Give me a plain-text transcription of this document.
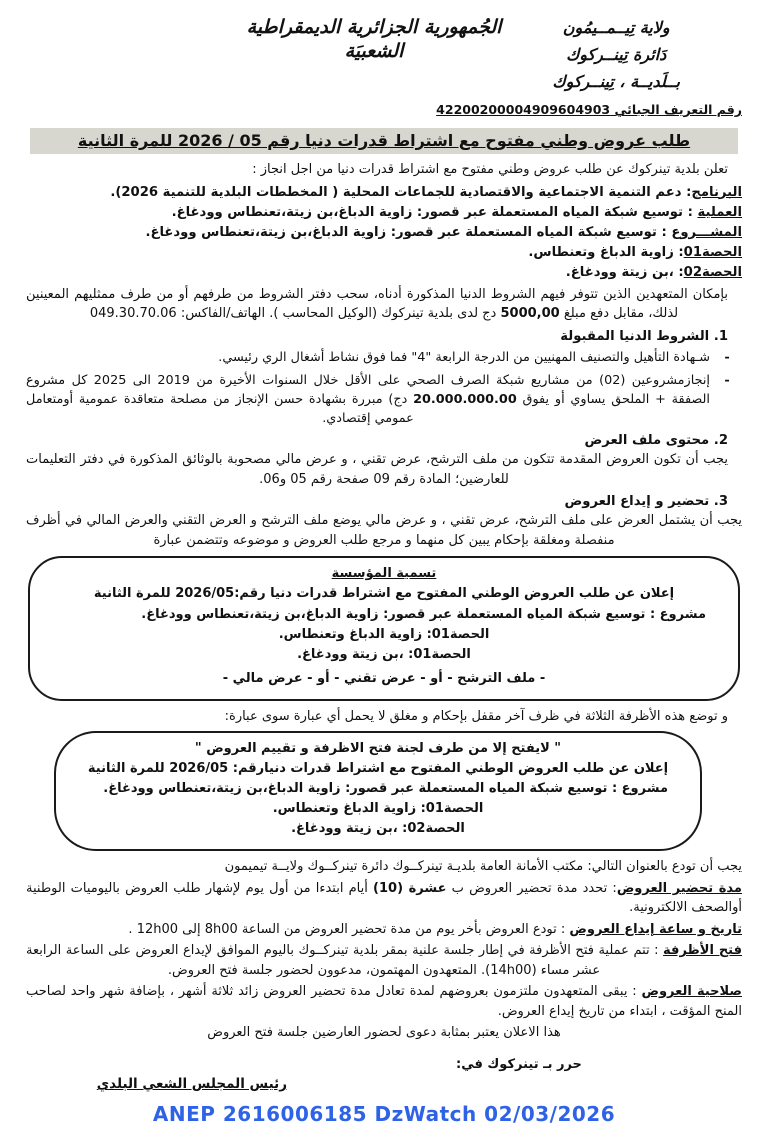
الجُمهورية الجزائرية الديمقراطية الشعبيَة
ولاية تِيــمــيمُون
دَائرة تِينــركوك
بــلَديــة ، تِينــركوك
رقم التعريف الجبائي 42200200004909604903
طلب عروض وطني مفتوح مع اشتراط قدرات دنيا رقم 05 / 2026 للمرة الثانية
تعلن بلدية تينركوك عن طلب عروض وطني مفتوح مع اشتراط قدرات دنيا من اجل انجاز :
البرنامج: دعم التنمية الاجتماعية والاقتصادية للجماعات المحلية ( المخططات البلدية للتنمية 2026).
العملية : توسيع شبكة المياه المستعملة عبر قصور: زاوية الدباغ،بن زيتة،تعنطاس وودغاغ.
المشـــروع : توسيع شبكة المياه المستعملة عبر قصور: زاوية الدباغ،بن زيتة،تعنطاس وودغاغ.
الحصة01: زاوية الدباغ وتعنطاس.
الحصة02: ،بن زيتة وودغاغ.
بإمكان المتعهدين الذين تتوفر فيهم الشروط الدنيا المذكورة أدناه، سحب دفتر الشروط من طرفهم أو من طرف ممثليهم المعينين لذلك، مقابل دفع مبلغ 5000,00 دج لدى بلدية تينركوك (الوكيل المحاسب ). الهاتف/الفاكس: 049.30.70.06
1. الشروط الدنيا المقبولة
-
شـهادة التأهيل والتصنيف المهنيين من الدرجة الرابعة "4" فما فوق نشاط أشغال الري رئيسي.
-
إنجازمشروعين (02) من مشاريع شبكة الصرف الصحي على الأقل خلال السنوات الأخيرة من 2019 الى 2025 كل مشروع الصفقة + الملحق يساوي أو يفوق 20.000.000.00 دج) مبررة بشهادة حسن الإنجاز من مصلحة متعاقدة عمومية أومتعامل عمومي إقتصادي.
2. محتوى ملف العرض
يجب أن تكون العروض المقدمة تتكون من ملف الترشح، عرض تقني ، و عرض مالي مصحوبة بالوثائق المذكورة في دفتر التعليمات للعارضين؛ المادة رقم 09 صفحة رقم 05 و06.
3. تحضير و إيداع العروض
يجب أن يشتمل العرض على ملف الترشح، عرض تقني ، و عرض مالي يوضع ملف الترشح و العرض التقني والعرض المالي في أظرف منفصلة ومغلقة بإحكام يبين كل منهما و مرجع طلب العروض و موضوعه وتتضمن عبارة
تسمية المؤسسة
إعلان عن طلب العروض الوطني المفتوح مع اشتراط قدرات دنيا رقم:2026/05 للمرة الثانية
مشروع : توسيع شبكة المياه المستعملة عبر قصور: زاوية الدباغ،بن زيتة،تعنطاس وودغاغ.
الحصة01: زاوية الدباغ وتعنطاس.
الحصة01: ،بن زيتة وودغاغ.
- ملف الترشح - أو - عرض تقني - أو - عرض مالي -
و توضع هذه الأظرفة الثلاثة في ظرف آخر مقفل بإحكام و مغلق لا يحمل أي عبارة سوى عبارة:
" لايفتح إلا من طرف لجنة فتح الاظرفة و تقييم العروض "
إعلان عن طلب العروض الوطني المفتوح مع اشتراط قدرات دنيارقم: 2026/05 للمرة الثانية
مشروع : توسيع شبكة المياه المستعملة عبر قصور: زاوية الدباغ،بن زيتة،تعنطاس وودغاغ.
الحصة01: زاوية الدباغ وتعنطاس.
الحصة02: ،بن زيتة وودغاغ.
يجب أن تودع بالعنوان التالي: مكتب الأمانة العامة بلديـة تينركــوك دائرة تينركــوك ولايــة تيميمون
مدة تحضير العروض: تحدد مدة تحضير العروض ب عشرة (10) أيام ابتدءا من أول يوم لإشهار طلب العروض باليوميات الوطنية أوالصحف الالكترونية.
تاريخ و ساعة إيداع العروض : تودع العروض بأخر يوم من مدة تحضير العروض من الساعة 8h00 إلى 12h00 .
فتح الأظرفة : تتم عملية فتح الأظرفة في إطار جلسة علنية بمقر بلدية تينركــوك باليوم الموافق لإيداع العروض على الساعة الرابعة عشر مساء (14h00). المتعهدون المهتمون، مدعوون لحضور جلسة فتح العروض.
صلاحية العروض : يبقى المتعهدون ملتزمون بعروضهم لمدة تعادل مدة تحضير العروض زائد ثلاثة أشهر ، بإضافة شهر واحد لصاحب المنح المؤقت ، ابتداء من تاريخ إيداع العروض.
هذا الاعلان يعتبر بمثابة دعوى لحضور العارضين جلسة فتح العروض
حرر بـ تينركوك في:
رئيس المجلس الشعي البلدي
ANEP 2616006185 DzWatch 02/03/2026
